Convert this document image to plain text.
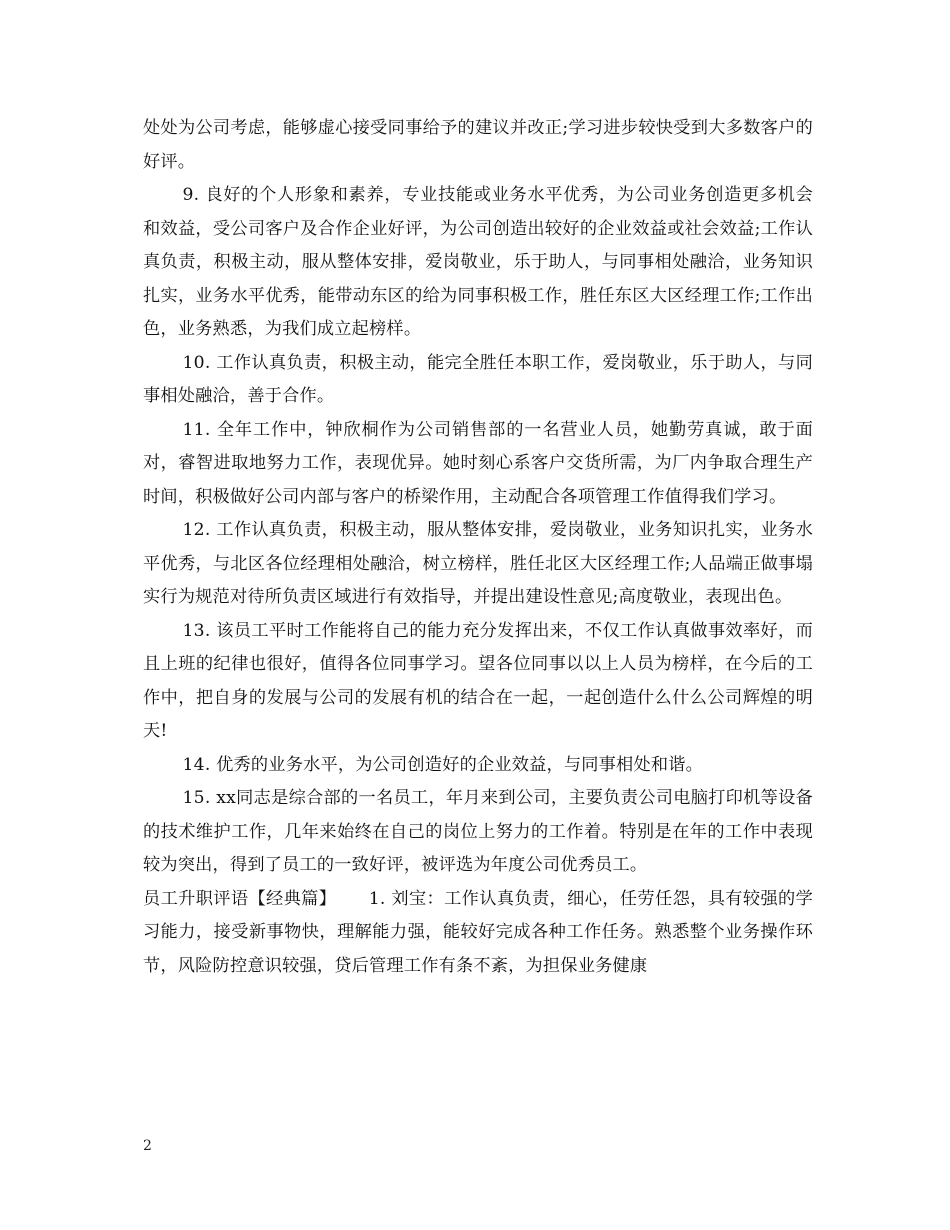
处处为公司考虑，能够虚心接受同事给予的建议并改正;学习进步较快受到大多数客户的好评。

9. 良好的个人形象和素养，专业技能或业务水平优秀，为公司业务创造更多机会和效益，受公司客户及合作企业好评，为公司创造出较好的企业效益或社会效益;工作认真负责，积极主动，服从整体安排，爱岗敬业，乐于助人，与同事相处融洽，业务知识扎实，业务水平优秀，能带动东区的给为同事积极工作，胜任东区大区经理工作;工作出色，业务熟悉，为我们成立起榜样。

10. 工作认真负责，积极主动，能完全胜任本职工作，爱岗敬业，乐于助人，与同事相处融洽，善于合作。

11. 全年工作中，钟欣桐作为公司销售部的一名营业人员，她勤劳真诚，敢于面对，睿智进取地努力工作，表现优异。她时刻心系客户交货所需，为厂内争取合理生产时间，积极做好公司内部与客户的桥梁作用，主动配合各项管理工作值得我们学习。

12. 工作认真负责，积极主动，服从整体安排，爱岗敬业，业务知识扎实，业务水平优秀，与北区各位经理相处融洽，树立榜样，胜任北区大区经理工作;人品端正做事塌实行为规范对待所负责区域进行有效指导，并提出建设性意见;高度敬业，表现出色。

13. 该员工平时工作能将自己的能力充分发挥出来，不仅工作认真做事效率好，而且上班的纪律也很好，值得各位同事学习。望各位同事以以上人员为榜样，在今后的工作中，把自身的发展与公司的发展有机的结合在一起，一起创造什么什么公司辉煌的明天!

14. 优秀的业务水平，为公司创造好的企业效益，与同事相处和谐。

15. xx同志是综合部的一名员工，年月来到公司，主要负责公司电脑打印机等设备的技术维护工作，几年来始终在自己的岗位上努力的工作着。特别是在年的工作中表现较为突出，得到了员工的一致好评，被评选为年度公司优秀员工。

员工升职评语【经典篇】　　 1. 刘宝：工作认真负责，细心，任劳任怨，具有较强的学习能力，接受新事物快，理解能力强，能较好完成各种工作任务。熟悉整个业务操作环节，风险防控意识较强，贷后管理工作有条不紊，为担保业务健康

2
